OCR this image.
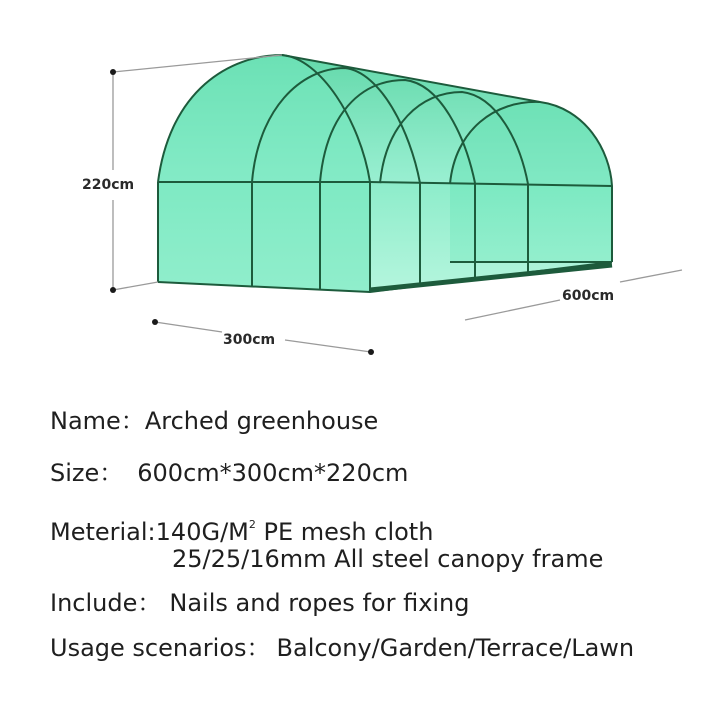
220cm
300cm
600cm
Name：Arched greenhouse
Size： 600cm*300cm*220cm
$Meterial:140G/M^2$ PE mesh cloth
25/25/16mm All steel canopy frame
Include： Nails and ropes for fixing
Usage scenarios： Balcony/Garden/Terrace/Lawn
